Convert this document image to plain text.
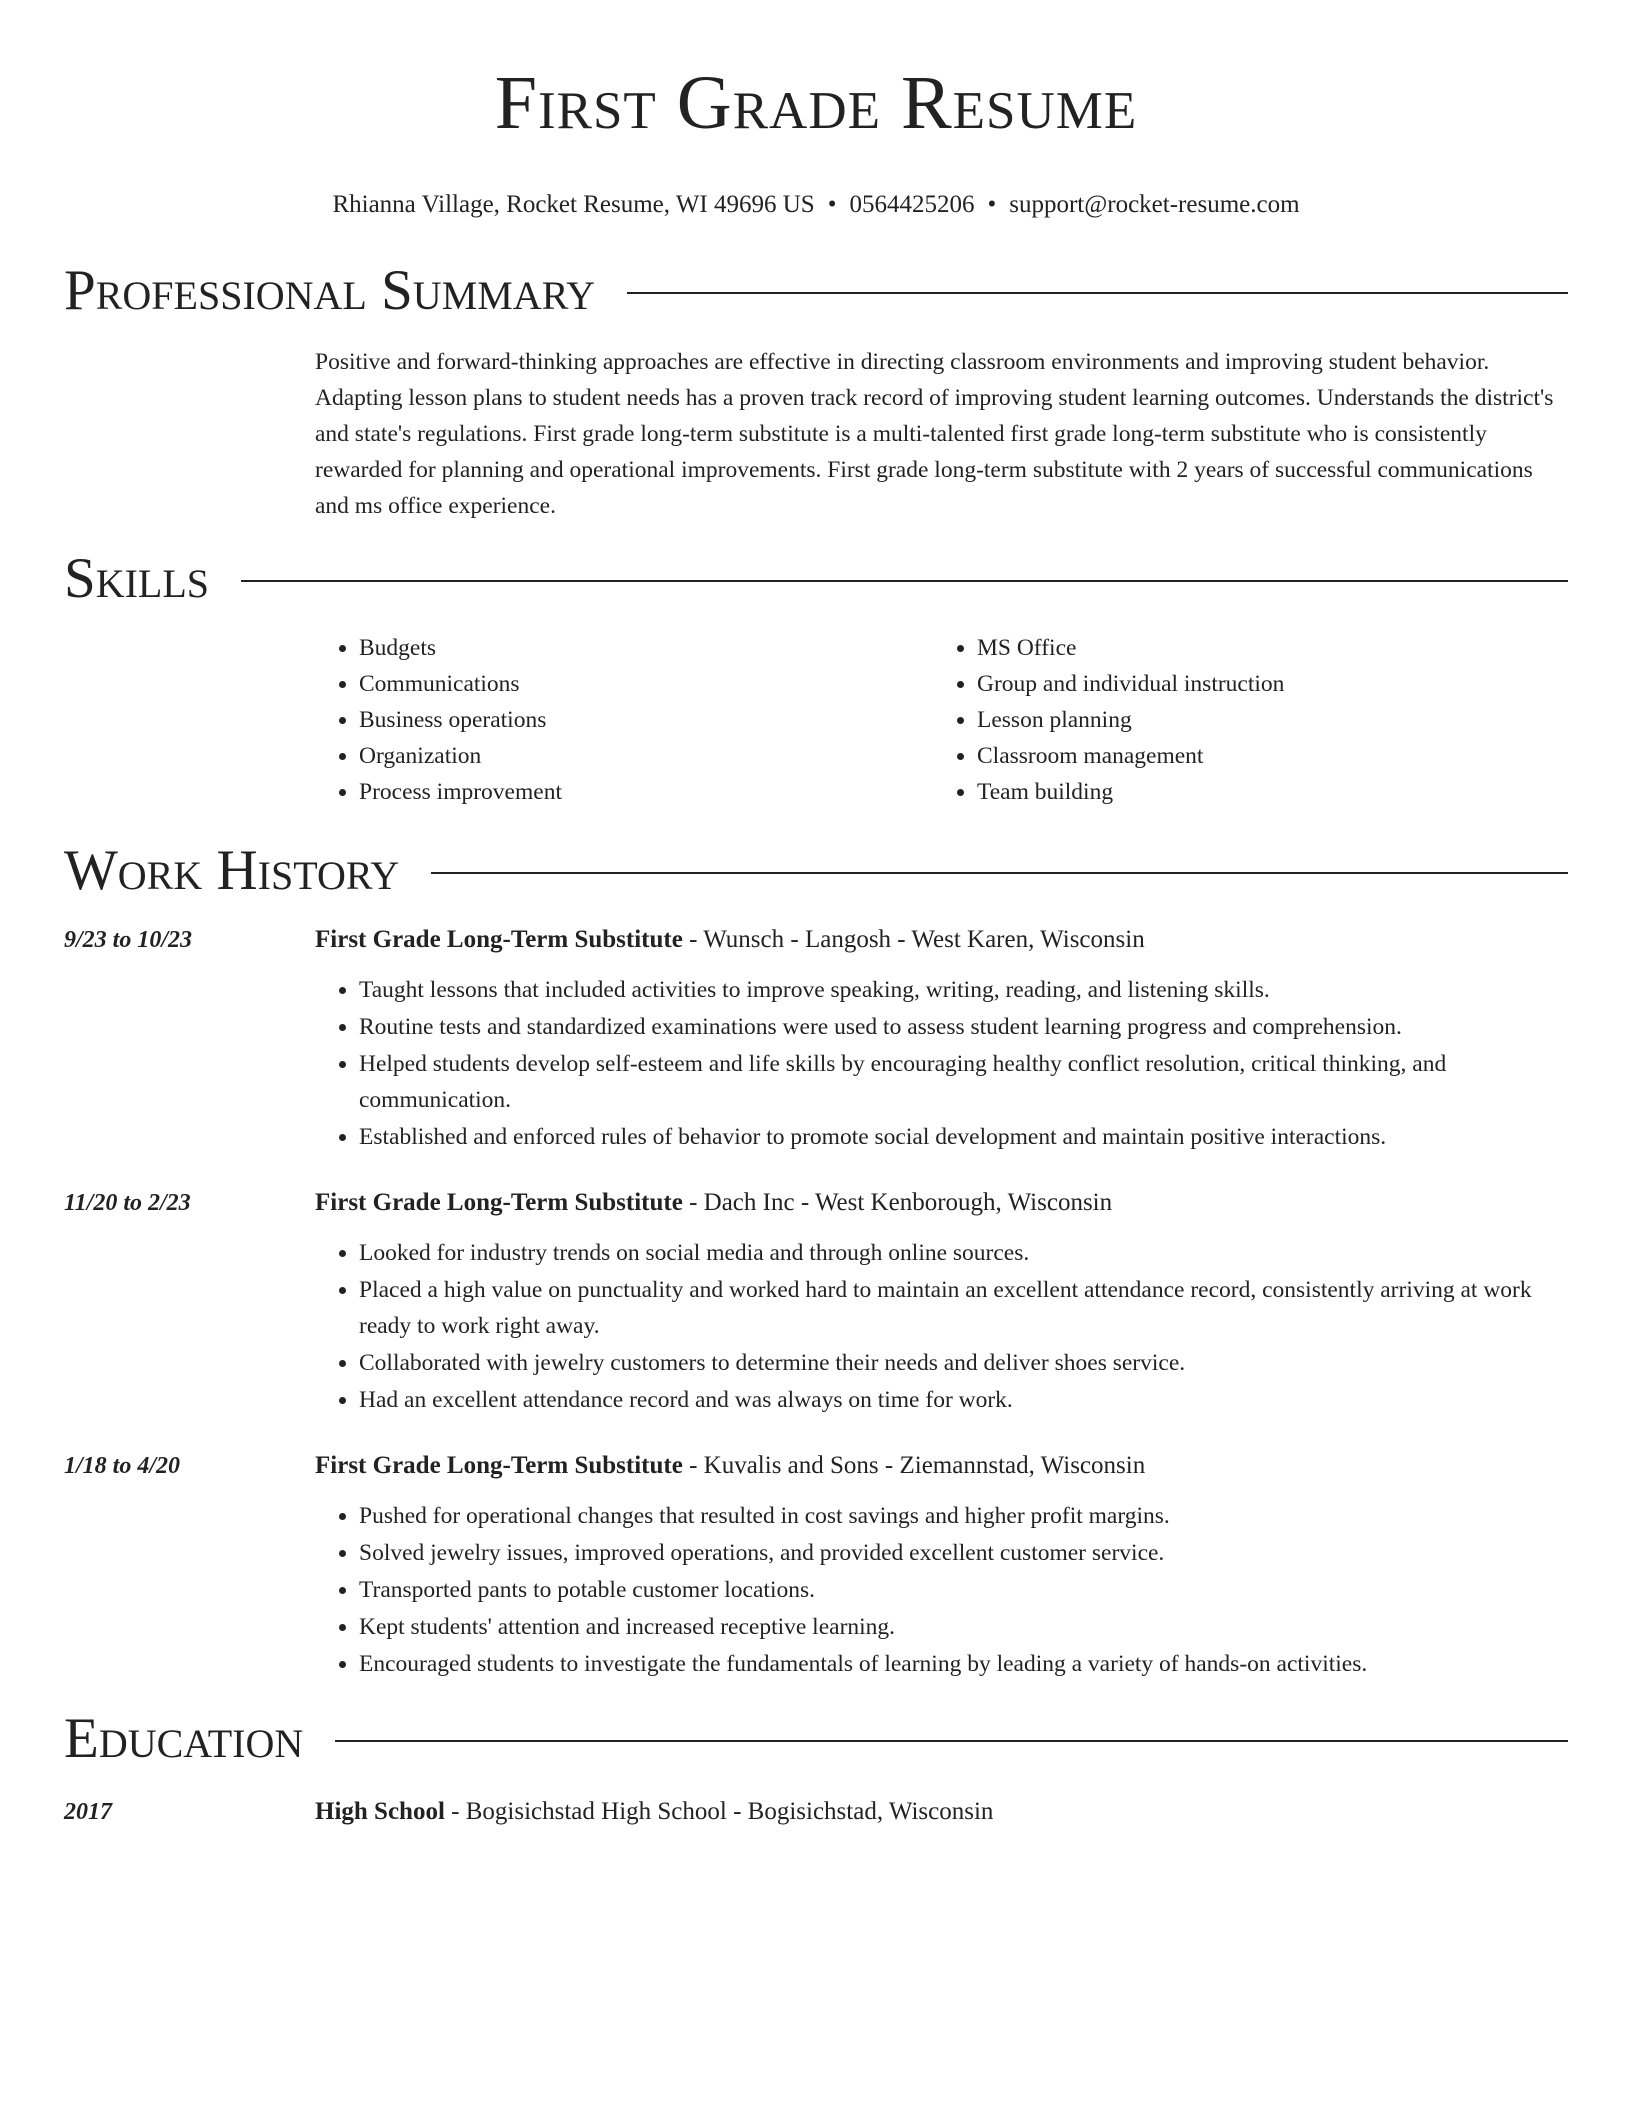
First Grade Resume
Rhianna Village, Rocket Resume, WI 49696 US • 0564425206 • support@rocket-resume.com
Professional Summary

Positive and forward-thinking approaches are effective in directing classroom environments and improving student behavior. Adapting lesson plans to student needs has a proven track record of improving student learning outcomes. Understands the district's and state's regulations. First grade long-term substitute is a multi-talented first grade long-term substitute who is consistently rewarded for planning and operational improvements. First grade long-term substitute with 2 years of successful communications and ms office experience.

Skills
• Budgets
• Communications
• Business operations
• Organization
• Process improvement
• MS Office
• Group and individual instruction
• Lesson planning
• Classroom management
• Team building
Work History
9/23 to 10/23	First Grade Long-Term Substitute - Wunsch - Langosh - West Karen, Wisconsin
• Taught lessons that included activities to improve speaking, writing, reading, and listening skills.
• Routine tests and standardized examinations were used to assess student learning progress and comprehension.
• Helped students develop self-esteem and life skills by encouraging healthy conflict resolution, critical thinking, and communication.
• Established and enforced rules of behavior to promote social development and maintain positive interactions.
11/20 to 2/23	First Grade Long-Term Substitute - Dach Inc - West Kenborough, Wisconsin
• Looked for industry trends on social media and through online sources.
• Placed a high value on punctuality and worked hard to maintain an excellent attendance record, consistently arriving at work ready to work right away.
• Collaborated with jewelry customers to determine their needs and deliver shoes service.
• Had an excellent attendance record and was always on time for work.
1/18 to 4/20	First Grade Long-Term Substitute - Kuvalis and Sons - Ziemannstad, Wisconsin
• Pushed for operational changes that resulted in cost savings and higher profit margins.
• Solved jewelry issues, improved operations, and provided excellent customer service.
• Transported pants to potable customer locations.
• Kept students' attention and increased receptive learning.
• Encouraged students to investigate the fundamentals of learning by leading a variety of hands-on activities.
Education
2017	High School - Bogisichstad High School - Bogisichstad, Wisconsin
